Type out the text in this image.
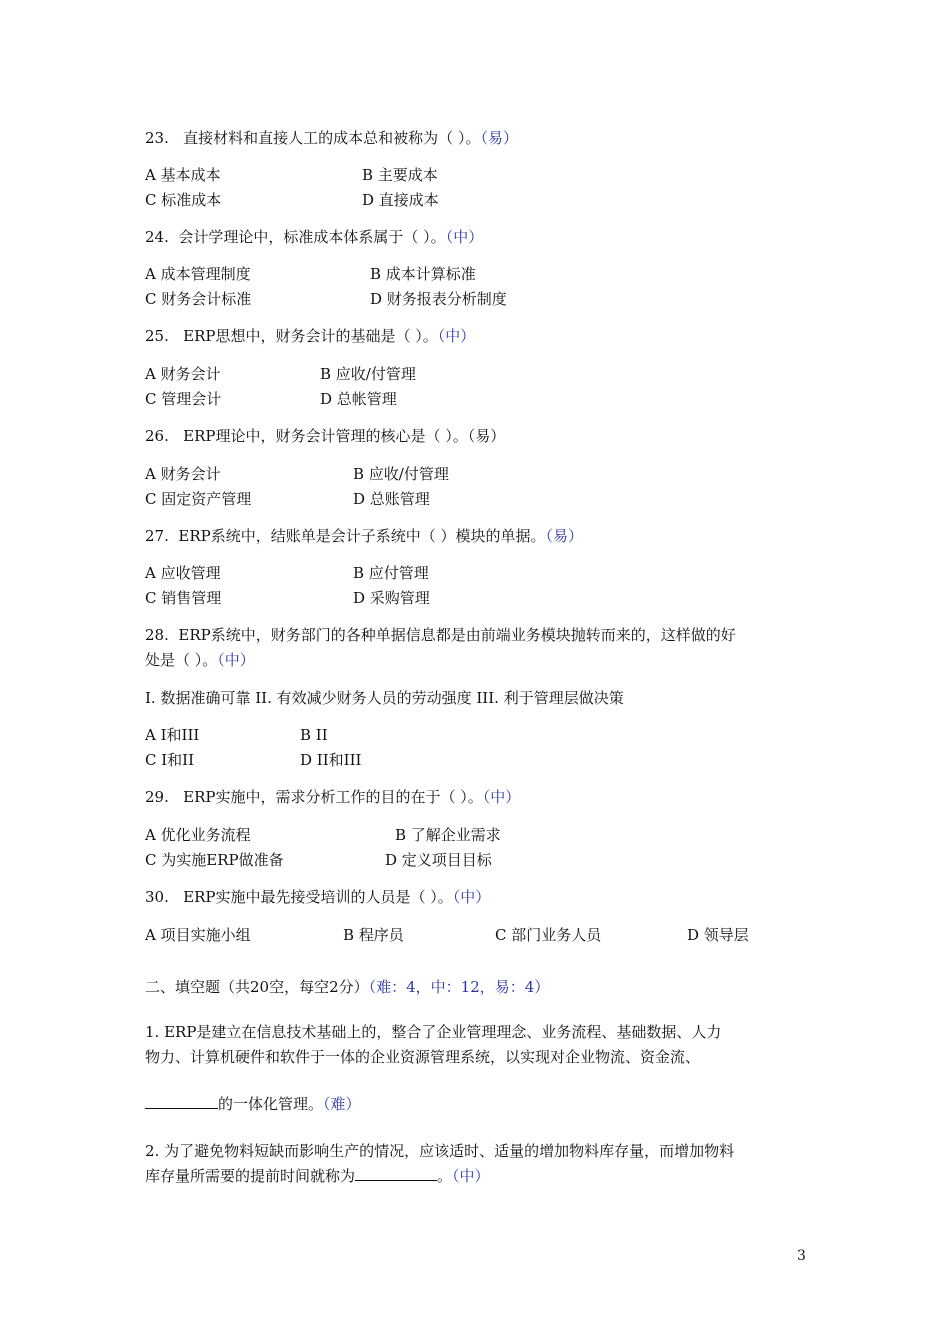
23. 直接材料和直接人工的成本总和被称为（ ）。（易）
A 基本成本	B 主要成本
C 标准成本	D 直接成本
24. 会计学理论中，标准成本体系属于（ ）。（中）
A 成本管理制度	B 成本计算标准
C 财务会计标准	D 财务报表分析制度
25. ERP思想中，财务会计的基础是（ ）。（中）
A 财务会计	B 应收/付管理
C 管理会计	D 总帐管理
26. ERP理论中，财务会计管理的核心是（ ）。（易）
A 财务会计	B 应收/付管理
C 固定资产管理	D 总账管理
27. ERP系统中，结账单是会计子系统中（ ）模块的单据。（易）
A 应收管理	B 应付管理
C 销售管理	D 采购管理
28. ERP系统中，财务部门的各种单据信息都是由前端业务模块抛转而来的，这样做的好
处是（ ）。（中）
I. 数据准确可靠 II. 有效减少财务人员的劳动强度 III. 利于管理层做决策
A I和III	B II
C I和II	D II和III
29. ERP实施中，需求分析工作的目的在于（ ）。（中）
A 优化业务流程	B 了解企业需求
C 为实施ERP做准备	D 定义项目目标
30. ERP实施中最先接受培训的人员是（ ）。（中）
A 项目实施小组	B 程序员	C 部门业务人员	D 领导层
二、填空题（共20空，每空2分）（难：4，中：12，易：4）
1. ERP是建立在信息技术基础上的，整合了企业管理理念、业务流程、基础数据、人力
物力、计算机硬件和软件于一体的企业资源管理系统，以实现对企业物流、资金流、
的一体化管理。（难）
2. 为了避免物料短缺而影响生产的情况，应该适时、适量的增加物料库存量，而增加物料
库存量所需要的提前时间就称为	。（中）
3
